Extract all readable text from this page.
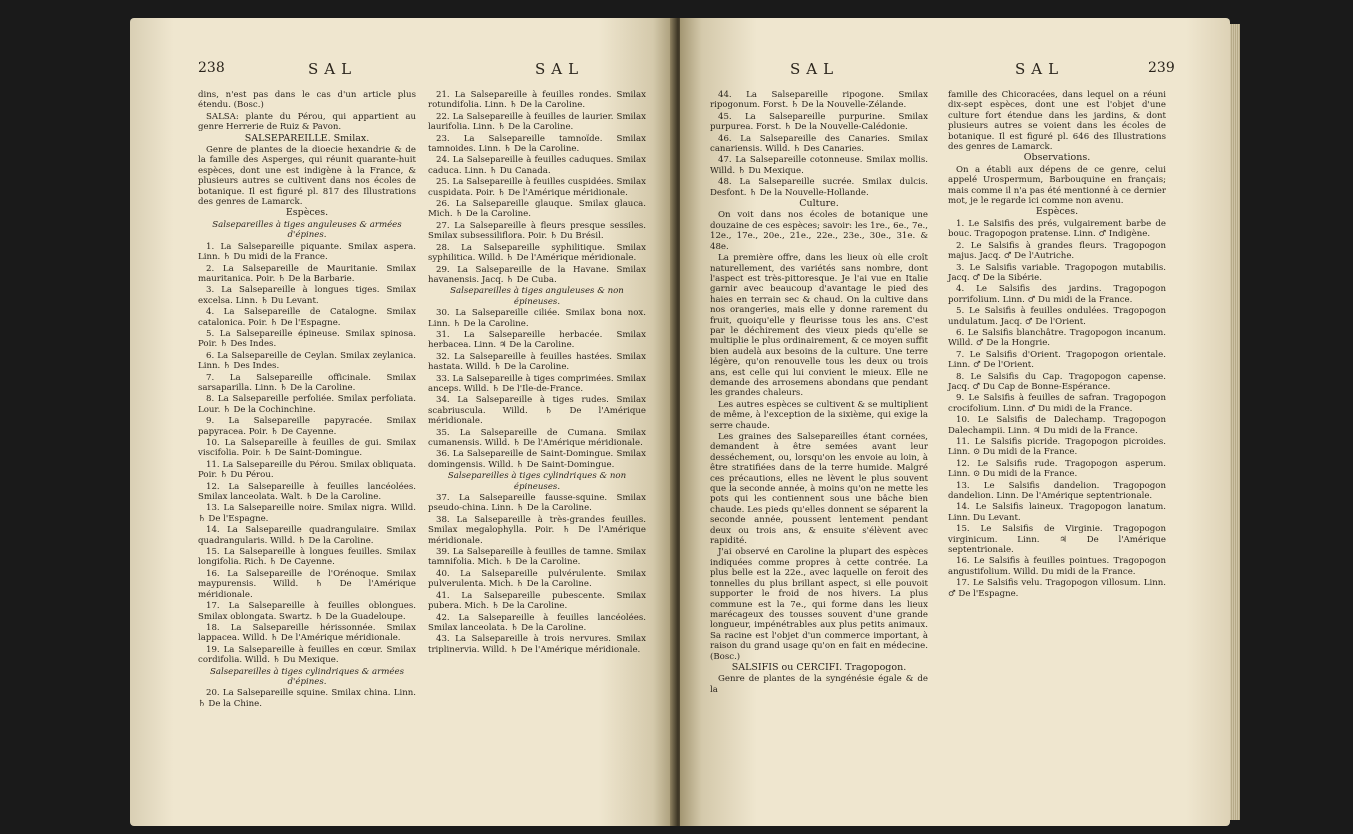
238	SAL	SAL

dins, n'est pas dans le cas d'un article plus étendu. (Bosc.)

SALSA: plante du Pérou, qui appartient au genre Herrerie de Ruiz & Pavon.

SALSEPAREILLE. Smilax.

Genre de plantes de la dioecie hexandrie & de la famille des Asperges, qui réunit quarante-huit espèces, dont une est indigène à la France, & plusieurs autres se cultivent dans nos écoles de botanique. Il est figuré pl. 817 des Illustrations des genres de Lamarck.

Espèces.

Salsepareilles à tiges anguleuses & armées d'épines.

1. La Salsepareille piquante. Smilax aspera. Linn. ♄ Du midi de la France.

2. La Salsepareille de Mauritanie. Smilax mauritanica. Poir. ♄ De la Barbarie.

3. La Salsepareille à longues tiges. Smilax excelsa. Linn. ♄ Du Levant.

4. La Salsepareille de Catalogne. Smilax catalonica. Poir. ♄ De l'Espagne.

5. La Salsepareille épineuse. Smilax spinosa. Poir. ♄ Des Indes.

6. La Salsepareille de Ceylan. Smilax zeylanica. Linn. ♄ Des Indes.

7. La Salsepareille officinale. Smilax sarsaparilla. Linn. ♄ De la Caroline.

8. La Salsepareille perfoliée. Smilax perfoliata. Lour. ♄ De la Cochinchine.

9. La Salsepareille papyracée. Smilax papyracea. Poir. ♄ De Cayenne.

10. La Salsepareille à feuilles de gui. Smilax viscifolia. Poir. ♄ De Saint-Domingue.

11. La Salsepareille du Pérou. Smilax obliquata. Poir. ♄ Du Pérou.

12. La Salsepareille à feuilles lancéolées. Smilax lanceolata. Walt. ♄ De la Caroline.

13. La Salsepareille noire. Smilax nigra. Willd. ♄ De l'Espagne.

14. La Salsepareille quadrangulaire. Smilax quadrangularis. Willd. ♄ De la Caroline.

15. La Salsepareille à longues feuilles. Smilax longifolia. Rich. ♄ De Cayenne.

16. La Salsepareille de l'Orénoque. Smilax maypurensis. Willd. ♄ De l'Amérique méridionale.

17. La Salsepareille à feuilles oblongues. Smilax oblongata. Swartz. ♄ De la Guadeloupe.

18. La Salsepareille hérissonnée. Smilax lappacea. Willd. ♄ De l'Amérique méridionale.

19. La Salsepareille à feuilles en cœur. Smilax cordifolia. Willd. ♄ Du Mexique.

Salsepareilles à tiges cylindriques & armées d'épines.

20. La Salsepareille squine. Smilax china. Linn. ♄ De la Chine.

21. La Salsepareille à feuilles rondes. Smilax rotundifolia. Linn. ♄ De la Caroline.

22. La Salsepareille à feuilles de laurier. Smilax laurifolia. Linn. ♄ De la Caroline.

23. La Salsepareille tamnoïde. Smilax tamnoides. Linn. ♄ De la Caroline.

24. La Salsepareille à feuilles caduques. Smilax caduca. Linn. ♄ Du Canada.

25. La Salsepareille à feuilles cuspidées. Smilax cuspidata. Poir. ♄ De l'Amérique méridionale.

26. La Salsepareille glauque. Smilax glauca. Mich. ♄ De la Caroline.

27. La Salsepareille à fleurs presque sessiles. Smilax subsessiliflora. Poir. ♄ Du Brésil.

28. La Salsepareille syphilitique. Smilax syphilitica. Willd. ♄ De l'Amérique méridionale.

29. La Salsepareille de la Havane. Smilax havanensis. Jacq. ♄ De Cuba.

Salsepareilles à tiges anguleuses & non épineuses.

30. La Salsepareille ciliée. Smilax bona nox. Linn. ♄ De la Caroline.

31. La Salsepareille herbacée. Smilax herbacea. Linn. ♃ De la Caroline.

32. La Salsepareille à feuilles hastées. Smilax hastata. Willd. ♄ De la Caroline.

33. La Salsepareille à tiges comprimées. Smilax anceps. Willd. ♄ De l'Ile-de-France.

34. La Salsepareille à tiges rudes. Smilax scabriuscula. Willd. ♄ De l'Amérique méridionale.

35. La Salsepareille de Cumana. Smilax cumanensis. Willd. ♄ De l'Amérique méridionale.

36. La Salsepareille de Saint-Domingue. Smilax domingensis. Willd. ♄ De Saint-Domingue.

Salsepareilles à tiges cylindriques & non épineuses.

37. La Salsepareille fausse-squine. Smilax pseudo-china. Linn. ♄ De la Caroline.

38. La Salsepareille à très-grandes feuilles. Smilax megalophylla. Poir. ♄ De l'Amérique méridionale.

39. La Salsepareille à feuilles de tamne. Smilax tamnifolia. Mich. ♄ De la Caroline.

40. La Salsepareille pulvérulente. Smilax pulverulenta. Mich. ♄ De la Caroline.

41. La Salsepareille pubescente. Smilax pubera. Mich. ♄ De la Caroline.

42. La Salsepareille à feuilles lancéolées. Smilax lanceolata. ♄ De la Caroline.

43. La Salsepareille à trois nervures. Smilax triplinervia. Willd. ♄ De l'Amérique méridionale.

SAL	SAL	239

44. La Salsepareille ripogone. Smilax ripogonum. Forst. ♄ De la Nouvelle-Zélande.

45. La Salsepareille purpurine. Smilax purpurea. Forst. ♄ De la Nouvelle-Calédonie.

46. La Salsepareille des Canaries. Smilax canariensis. Willd. ♄ Des Canaries.

47. La Salsepareille cotonneuse. Smilax mollis. Willd. ♄ Du Mexique.

48. La Salsepareille sucrée. Smilax dulcis. Desfont. ♄ De la Nouvelle-Hollande.

Culture.

On voit dans nos écoles de botanique une douzaine de ces espèces; savoir: les 1re., 6e., 7e., 12e., 17e., 20e., 21e., 22e., 23e., 30e., 31e. & 48e.

La première offre, dans les lieux où elle croît naturellement, des variétés sans nombre, dont l'aspect est très-pittoresque. Je l'ai vue en Italie garnir avec beaucoup d'avantage le pied des haies en terrain sec & chaud. On la cultive dans nos orangeries, mais elle y donne rarement du fruit, quoiqu'elle y fleurisse tous les ans. C'est par le déchirement des vieux pieds qu'elle se multiplie le plus ordinairement, & ce moyen suffit bien audelà aux besoins de la culture. Une terre légère, qu'on renouvelle tous les deux ou trois ans, est celle qui lui convient le mieux. Elle ne demande des arrosemens abondans que pendant les grandes chaleurs.

Les autres espèces se cultivent & se multiplient de même, à l'exception de la sixième, qui exige la serre chaude.

Les graines des Salsepareilles étant cornées, demandent à être semées avant leur desséchement, ou, lorsqu'on les envoie au loin, à être stratifiées dans de la terre humide. Malgré ces précautions, elles ne lèvent le plus souvent que la seconde année, à moins qu'on ne mette les pots qui les contiennent sous une bâche bien chaude. Les pieds qu'elles donnent se séparent la seconde année, poussent lentement pendant deux ou trois ans, & ensuite s'élèvent avec rapidité.

J'ai observé en Caroline la plupart des espèces indiquées comme propres à cette contrée. La plus belle est la 22e., avec laquelle on feroit des tonnelles du plus brillant aspect, si elle pouvoit supporter le froid de nos hivers. La plus commune est la 7e., qui forme dans les lieux marécageux des tousses souvent d'une grande longueur, impénétrables aux plus petits animaux. Sa racine est l'objet d'un commerce important, à raison du grand usage qu'on en fait en médecine. (Bosc.)

SALSIFIS ou CERCIFI. Tragopogon.

Genre de plantes de la syngénésie égale & de la

famille des Chicoracées, dans lequel on a réuni dix-sept espèces, dont une est l'objet d'une culture fort étendue dans les jardins, & dont plusieurs autres se voient dans les écoles de botanique. Il est figuré pl. 646 des Illustrations des genres de Lamarck.

Observations.

On a établi aux dépens de ce genre, celui appelé Urospermum, Barbouquine en français; mais comme il n'a pas été mentionné à ce dernier mot, je le regarde ici comme non avenu.

Espèces.

1. Le Salsifis des prés, vulgairement barbe de bouc. Tragopogon pratense. Linn. ♂ Indigène.

2. Le Salsifis à grandes fleurs. Tragopogon majus. Jacq. ♂ De l'Autriche.

3. Le Salsifis variable. Tragopogon mutabilis. Jacq. ♂ De la Sibérie.

4. Le Salsifis des jardins. Tragopogon porrifolium. Linn. ♂ Du midi de la France.

5. Le Salsifis à feuilles ondulées. Tragopogon undulatum. Jacq. ♂ De l'Orient.

6. Le Salsifis blanchâtre. Tragopogon incanum. Willd. ♂ De la Hongrie.

7. Le Salsifis d'Orient. Tragopogon orientale. Linn. ♂ De l'Orient.

8. Le Salsifis du Cap. Tragopogon capense. Jacq. ♂ Du Cap de Bonne-Espérance.

9. Le Salsifis à feuilles de safran. Tragopogon crocifolium. Linn. ♂ Du midi de la France.

10. Le Salsifis de Dalechamp. Tragopogon Dalechampii. Linn. ♃ Du midi de la France.

11. Le Salsifis picride. Tragopogon picroides. Linn. ⊙ Du midi de la France.

12. Le Salsifis rude. Tragopogon asperum. Linn. ⊙ Du midi de la France.

13. Le Salsifis dandelion. Tragopogon dandelion. Linn. De l'Amérique septentrionale.

14. Le Salsifis laineux. Tragopogon lanatum. Linn. Du Levant.

15. Le Salsifis de Virginie. Tragopogon virginicum. Linn. ♃ De l'Amérique septentrionale.

16. Le Salsifis à feuilles pointues. Tragopogon angustifolium. Willd. Du midi de la France.

17. Le Salsifis velu. Tragopogon villosum. Linn. ♂ De l'Espagne.
